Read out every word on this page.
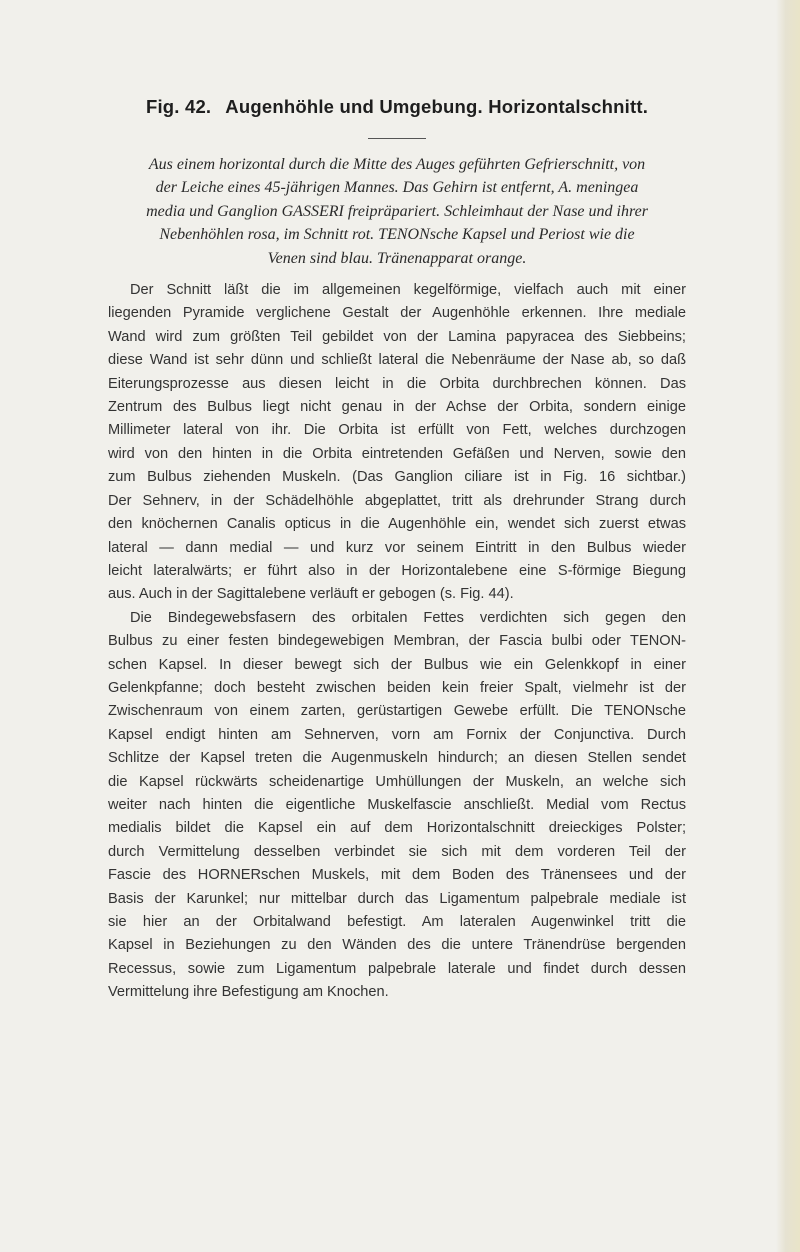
Fig. 42. Augenhöhle und Umgebung. Horizontalschnitt.

Aus einem horizontal durch die Mitte des Auges geführten Gefrierschnitt, von
der Leiche eines 45-jährigen Mannes. Das Gehirn ist entfernt, A. meningea
media und Ganglion GASSERI freipräpariert. Schleimhaut der Nase und ihrer
Nebenhöhlen rosa, im Schnitt rot. TENONsche Kapsel und Periost wie die
Venen sind blau. Tränenapparat orange.

Der Schnitt läßt die im allgemeinen kegelförmige, vielfach auch mit einer
liegenden Pyramide verglichene Gestalt der Augenhöhle erkennen. Ihre mediale
Wand wird zum größten Teil gebildet von der Lamina papyracea des Siebbeins;
diese Wand ist sehr dünn und schließt lateral die Nebenräume der Nase ab, so daß
Eiterungsprozesse aus diesen leicht in die Orbita durchbrechen können. Das
Zentrum des Bulbus liegt nicht genau in der Achse der Orbita, sondern einige
Millimeter lateral von ihr. Die Orbita ist erfüllt von Fett, welches durchzogen
wird von den hinten in die Orbita eintretenden Gefäßen und Nerven, sowie den
zum Bulbus ziehenden Muskeln. (Das Ganglion ciliare ist in Fig. 16 sichtbar.)
Der Sehnerv, in der Schädelhöhle abgeplattet, tritt als drehrunder Strang durch
den knöchernen Canalis opticus in die Augenhöhle ein, wendet sich zuerst etwas
lateral — dann medial — und kurz vor seinem Eintritt in den Bulbus wieder
leicht lateralwärts; er führt also in der Horizontalebene eine S-förmige Biegung
aus. Auch in der Sagittalebene verläuft er gebogen (s. Fig. 44).

Die Bindegewebsfasern des orbitalen Fettes verdichten sich gegen den
Bulbus zu einer festen bindegewebigen Membran, der Fascia bulbi oder TENON-
schen Kapsel. In dieser bewegt sich der Bulbus wie ein Gelenkkopf in einer
Gelenkpfanne; doch besteht zwischen beiden kein freier Spalt, vielmehr ist der
Zwischenraum von einem zarten, gerüstartigen Gewebe erfüllt. Die TENONsche
Kapsel endigt hinten am Sehnerven, vorn am Fornix der Conjunctiva. Durch
Schlitze der Kapsel treten die Augenmuskeln hindurch; an diesen Stellen sendet
die Kapsel rückwärts scheidenartige Umhüllungen der Muskeln, an welche sich
weiter nach hinten die eigentliche Muskelfascie anschließt. Medial vom Rectus
medialis bildet die Kapsel ein auf dem Horizontalschnitt dreieckiges Polster;
durch Vermittelung desselben verbindet sie sich mit dem vorderen Teil der
Fascie des HORNERschen Muskels, mit dem Boden des Tränensees und der
Basis der Karunkel; nur mittelbar durch das Ligamentum palpebrale mediale ist
sie hier an der Orbitalwand befestigt. Am lateralen Augenwinkel tritt die
Kapsel in Beziehungen zu den Wänden des die untere Tränendrüse bergenden
Recessus, sowie zum Ligamentum palpebrale laterale und findet durch dessen
Vermittelung ihre Befestigung am Knochen.
